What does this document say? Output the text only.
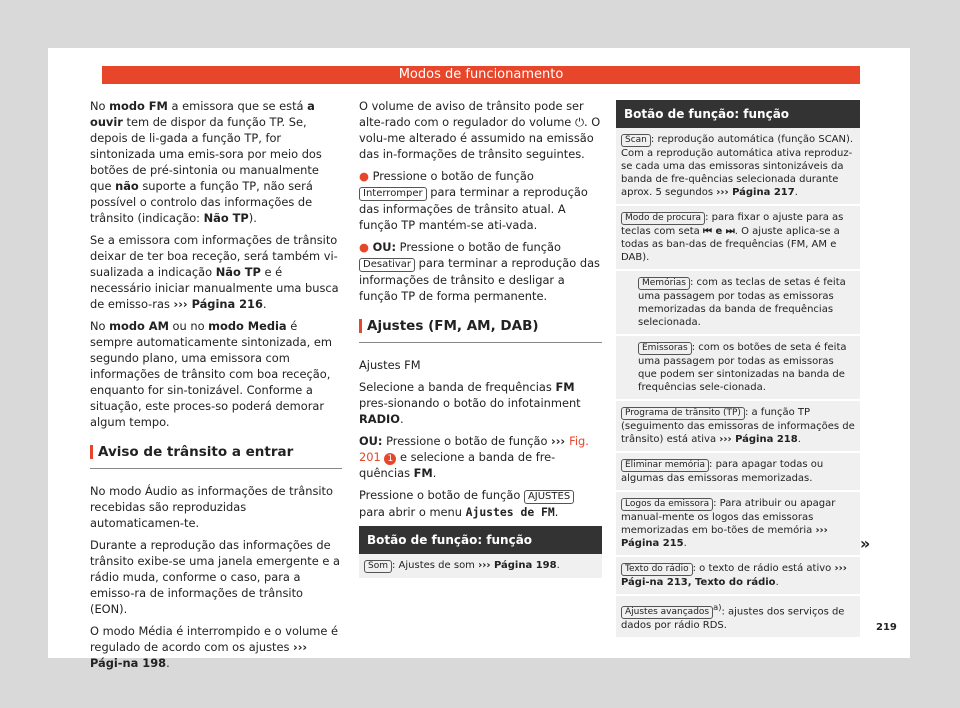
Modos de funcionamento

No modo FM a emissora que se está a ouvir tem de dispor da função TP. Se, depois de li-gada a função TP, for sintonizada uma emis-sora por meio dos botões de pré-sintonia ou manualmente que não suporte a função TP, não será possível o controlo das informações de trânsito (indicação: Não TP).

Se a emissora com informações de trânsito deixar de ter boa receção, será também vi-sualizada a indicação Não TP e é necessário iniciar manualmente uma busca de emisso-ras ››› Página 216.

No modo AM ou no modo Media é sempre automaticamente sintonizada, em segundo plano, uma emissora com informações de trânsito com boa receção, enquanto for sin-tonizável. Conforme a situação, este proces-so poderá demorar algum tempo.

Aviso de trânsito a entrar

No modo Áudio as informações de trânsito recebidas são reproduzidas automaticamen-te.

Durante a reprodução das informações de trânsito exibe-se uma janela emergente e a rádio muda, conforme o caso, para a emisso-ra de informações de trânsito (EON).

O modo Média é interrompido e o volume é regulado de acordo com os ajustes ››› Pági-na 198.

O volume de aviso de trânsito pode ser alte-rado com o regulador do volume ⏻. O volu-me alterado é assumido na emissão das in-formações de trânsito seguintes.

● Pressione o botão de função Interromper para terminar a reprodução das informações de trânsito atual. A função TP mantém-se ati-vada.

● OU: Pressione o botão de função Desativar para terminar a reprodução das informações de trânsito e desligar a função TP de forma permanente.

Ajustes (FM, AM, DAB)

Ajustes FM

Selecione a banda de frequências FM pres-sionando o botão do infotainment RADIO.

OU: Pressione o botão de função ››› Fig. 201 1 e selecione a banda de fre-quências FM.

Pressione o botão de função AJUSTES para abrir o menu Ajustes de FM.

Botão de função: função
Som : Ajustes de som ››› Página 198.
Botão de função: função
Scan : reprodução automática (função SCAN). Com a reprodução automática ativa reproduz-se cada uma das emissoras sintonizáveis da banda de fre-quências selecionada durante aprox. 5 segundos ››› Página 217.
Modo de procura : para fixar o ajuste para as teclas com seta ⏮ e ⏭. O ajuste aplica-se a todas as ban-das de frequências (FM, AM e DAB).
Memórias : com as teclas de setas é feita uma passagem por todas as emissoras memorizadas da banda de frequências selecionada.
Emissoras : com os botões de seta é feita uma passagem por todas as emissoras que podem ser sintonizadas na banda de frequências sele-cionada.
Programa de trânsito (TP) : a função TP (seguimento das emissoras de informações de trânsito) está ativa ››› Página 218.
Eliminar memória : para apagar todas ou algumas das emissoras memorizadas.
Logos da emissora : Para atribuir ou apagar manual-mente os logos das emissoras memorizadas em bo-tões de memória ››› Página 215.
Texto do rádio : o texto de rádio está ativo ››› Pági-na 213, Texto do rádio.
Ajustes avançados$^{a)}$: ajustes dos serviços de dados por rádio RDS.
»
219
